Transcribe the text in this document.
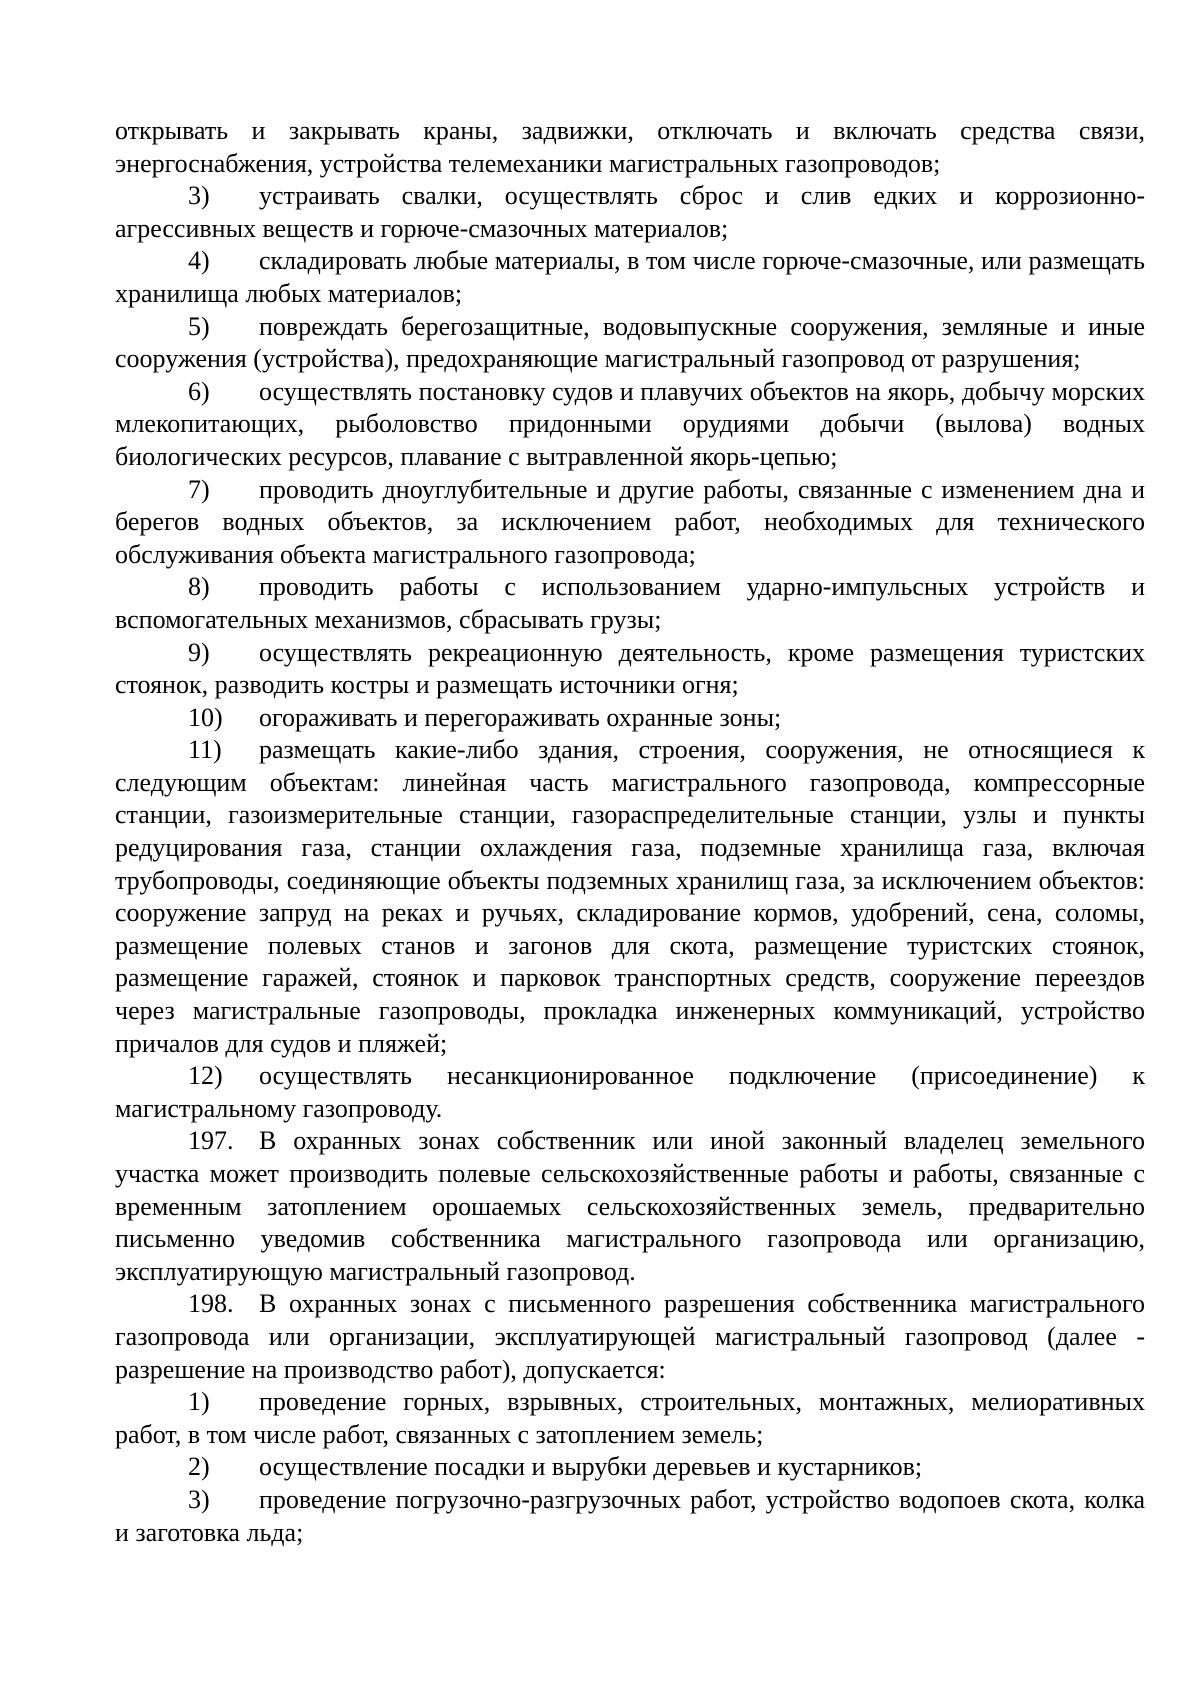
открывать и закрывать краны, задвижки, отключать и включать средства связи, энергоснабжения, устройства телемеханики магистральных газопроводов;

3) устраивать свалки, осуществлять сброс и слив едких и коррозионно-агрессивных веществ и горюче-смазочных материалов;

4) складировать любые материалы, в том числе горюче-смазочные, или размещать хранилища любых материалов;

5) повреждать берегозащитные, водовыпускные сооружения, земляные и иные сооружения (устройства), предохраняющие магистральный газопровод от разрушения;

6) осуществлять постановку судов и плавучих объектов на якорь, добычу морских млекопитающих, рыболовство придонными орудиями добычи (вылова) водных биологических ресурсов, плавание с вытравленной якорь-цепью;

7) проводить дноуглубительные и другие работы, связанные с изменением дна и берегов водных объектов, за исключением работ, необходимых для технического обслуживания объекта магистрального газопровода;

8) проводить работы с использованием ударно-импульсных устройств и вспомогательных механизмов, сбрасывать грузы;

9) осуществлять рекреационную деятельность, кроме размещения туристских стоянок, разводить костры и размещать источники огня;

10) огораживать и перегораживать охранные зоны;

11) размещать какие-либо здания, строения, сооружения, не относящиеся к следующим объектам: линейная часть магистрального газопровода, компрессорные станции, газоизмерительные станции, газораспределительные станции, узлы и пункты редуцирования газа, станции охлаждения газа, подземные хранилища газа, включая трубопроводы, соединяющие объекты подземных хранилищ газа, за исключением объектов: сооружение запруд на реках и ручьях, складирование кормов, удобрений, сена, соломы, размещение полевых станов и загонов для скота, размещение туристских стоянок, размещение гаражей, стоянок и парковок транспортных средств, сооружение переездов через магистральные газопроводы, прокладка инженерных коммуникаций, устройство причалов для судов и пляжей;

12) осуществлять несанкционированное подключение (присоединение) к магистральному газопроводу.

197. В охранных зонах собственник или иной законный владелец земельного участка может производить полевые сельскохозяйственные работы и работы, связанные с временным затоплением орошаемых сельскохозяйственных земель, предварительно письменно уведомив собственника магистрального газопровода или организацию, эксплуатирующую магистральный газопровод.

198. В охранных зонах с письменного разрешения собственника магистрального газопровода или организации, эксплуатирующей магистральный газопровод (далее - разрешение на производство работ), допускается:

1) проведение горных, взрывных, строительных, монтажных, мелиоративных работ, в том числе работ, связанных с затоплением земель;

2) осуществление посадки и вырубки деревьев и кустарников;

3) проведение погрузочно-разгрузочных работ, устройство водопоев скота, колка и заготовка льда;
